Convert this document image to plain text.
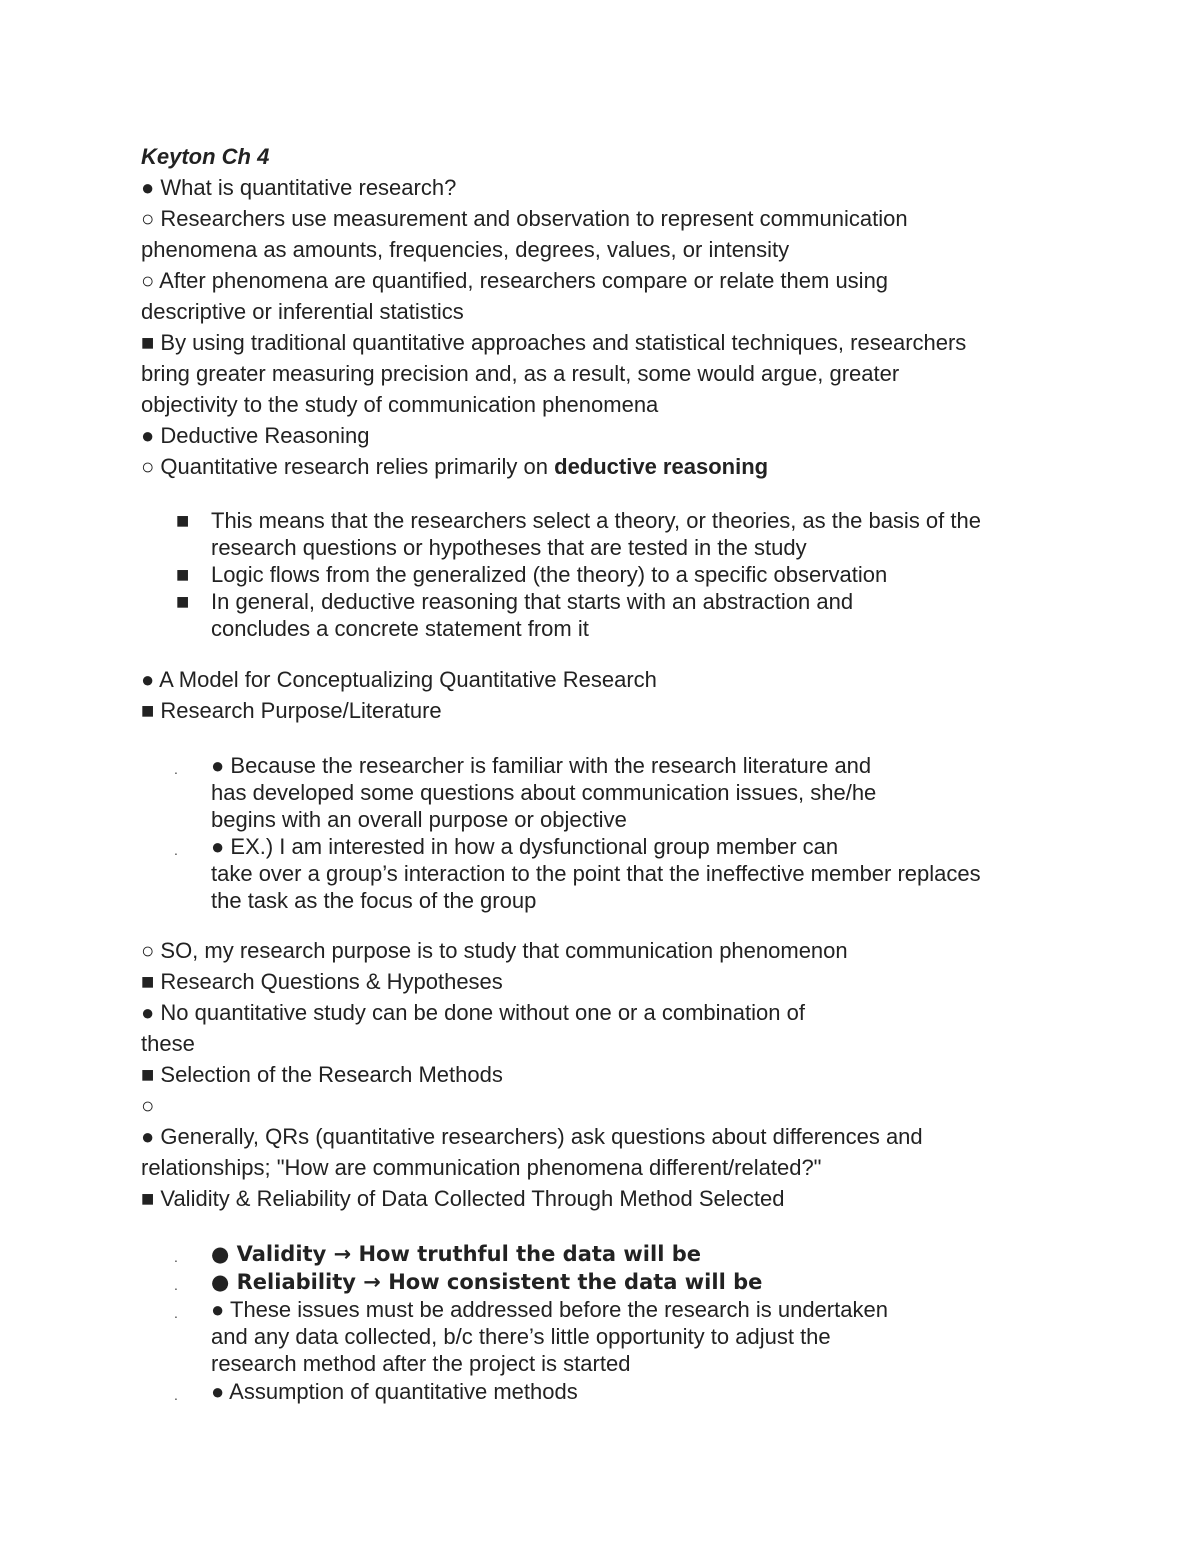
Keyton Ch 4
● What is quantitative research?
○ Researchers use measurement and observation to represent communication
phenomena as amounts, frequencies, degrees, values, or intensity
○ After phenomena are quantified, researchers compare or relate them using
descriptive or inferential statistics
■ By using traditional quantitative approaches and statistical techniques, researchers
bring greater measuring precision and, as a result, some would argue, greater
objectivity to the study of communication phenomena
● Deductive Reasoning
○ Quantitative research relies primarily on deductive reasoning
■ This means that the researchers select a theory, or theories, as the basis of the
research questions or hypotheses that are tested in the study
■ Logic flows from the generalized (the theory) to a specific observation
■ In general, deductive reasoning that starts with an abstraction and
concludes a concrete statement from it
● A Model for Conceptualizing Quantitative Research
■ Research Purpose/Literature
. ● Because the researcher is familiar with the research literature and
has developed some questions about communication issues, she/he
begins with an overall purpose or objective
. ● EX.) I am interested in how a dysfunctional group member can
take over a group’s interaction to the point that the ineffective member replaces
the task as the focus of the group
○ SO, my research purpose is to study that communication phenomenon
■ Research Questions & Hypotheses
● No quantitative study can be done without one or a combination of
these
■ Selection of the Research Methods
○
● Generally, QRs (quantitative researchers) ask questions about differences and
relationships; "How are communication phenomena different/related?"
■ Validity & Reliability of Data Collected Through Method Selected
. ● Validity → How truthful the data will be
. ● Reliability → How consistent the data will be
. ● These issues must be addressed before the research is undertaken
and any data collected, b/c there’s little opportunity to adjust the
research method after the project is started
. ● Assumption of quantitative methods
